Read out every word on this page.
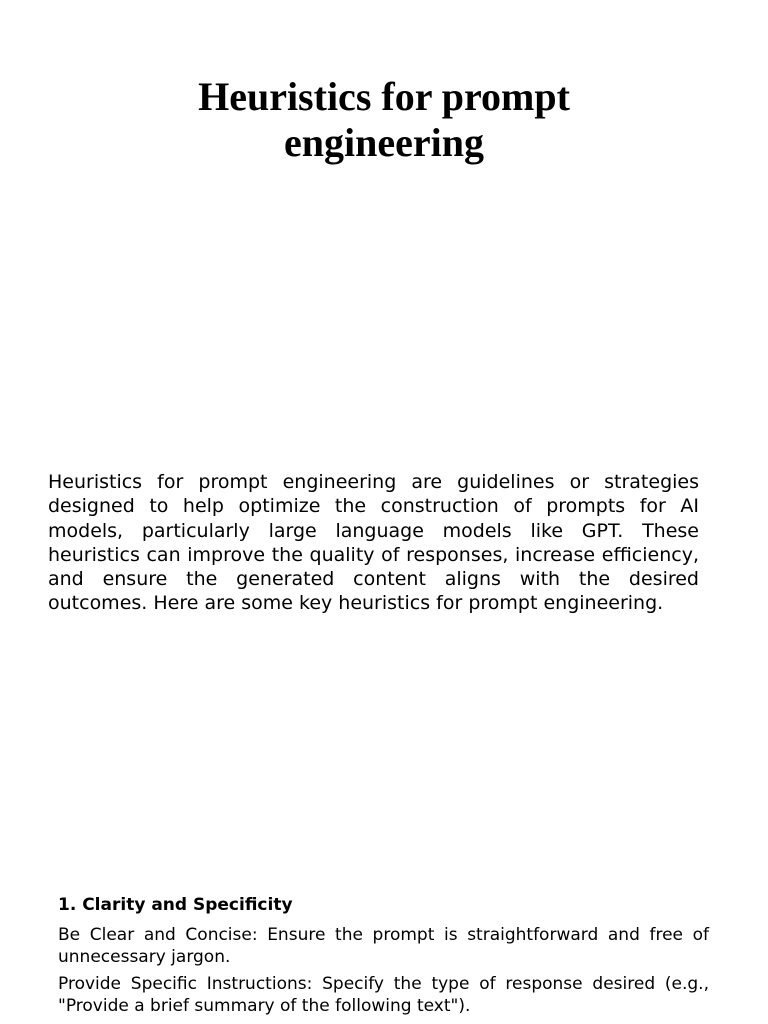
Heuristics for prompt engineering

Heuristics for prompt engineering are guidelines or strategies designed to help optimize the construction of prompts for AI models, particularly large language models like GPT. These heuristics can improve the quality of responses, increase efficiency, and ensure the generated content aligns with the desired outcomes. Here are some key heuristics for prompt engineering.

1. Clarity and Specificity

Be Clear and Concise: Ensure the prompt is straightforward and free of unnecessary jargon.

Provide Specific Instructions: Specify the type of response desired (e.g., "Provide a brief summary of the following text").
